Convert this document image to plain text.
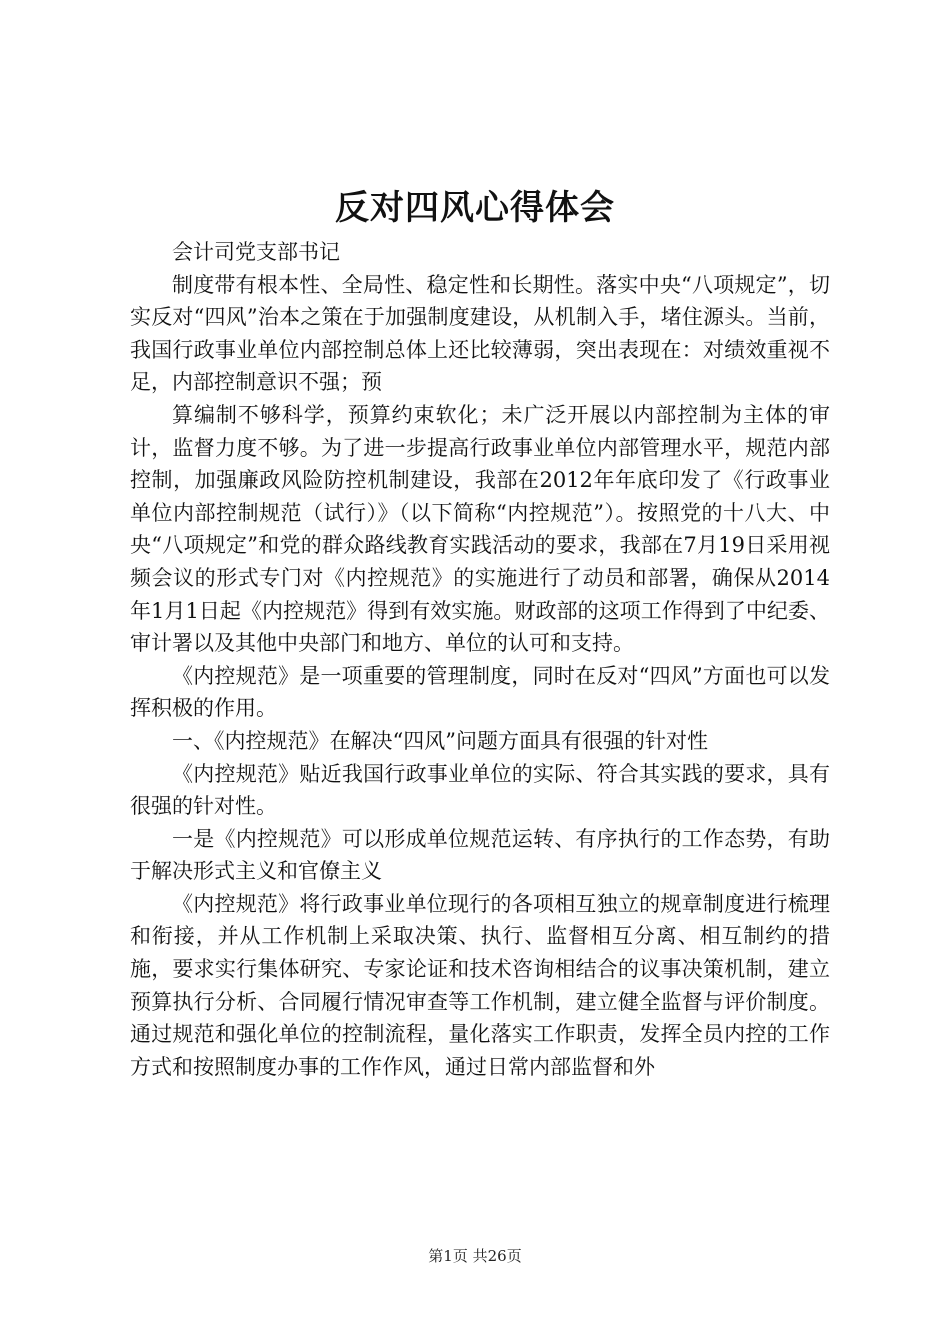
反对四风心得体会

会计司党支部书记

制度带有根本性、全局性、稳定性和长期性。落实中央“八项规定”，切实反对“四风”治本之策在于加强制度建设，从机制入手，堵住源头。当前，我国行政事业单位内部控制总体上还比较薄弱，突出表现在：对绩效重视不足，内部控制意识不强；预

算编制不够科学，预算约束软化；未广泛开展以内部控制为主体的审计，监督力度不够。为了进一步提高行政事业单位内部管理水平，规范内部控制，加强廉政风险防控机制建设，我部在2012年年底印发了《行政事业单位内部控制规范（试行）》（以下简称“内控规范”）。按照党的十八大、中央“八项规定”和党的群众路线教育实践活动的要求，我部在7月19日采用视频会议的形式专门对《内控规范》的实施进行了动员和部署，确保从2014年1月1日起《内控规范》得到有效实施。财政部的这项工作得到了中纪委、审计署以及其他中央部门和地方、单位的认可和支持。

《内控规范》是一项重要的管理制度，同时在反对“四风”方面也可以发挥积极的作用。

一、《内控规范》在解决“四风”问题方面具有很强的针对性

《内控规范》贴近我国行政事业单位的实际、符合其实践的要求，具有很强的针对性。

一是《内控规范》可以形成单位规范运转、有序执行的工作态势，有助于解决形式主义和官僚主义

《内控规范》将行政事业单位现行的各项相互独立的规章制度进行梳理和衔接，并从工作机制上采取决策、执行、监督相互分离、相互制约的措施，要求实行集体研究、专家论证和技术咨询相结合的议事决策机制，建立预算执行分析、合同履行情况审查等工作机制，建立健全监督与评价制度。通过规范和强化单位的控制流程，量化落实工作职责，发挥全员内控的工作方式和按照制度办事的工作作风，通过日常内部监督和外

第1页 共26页
